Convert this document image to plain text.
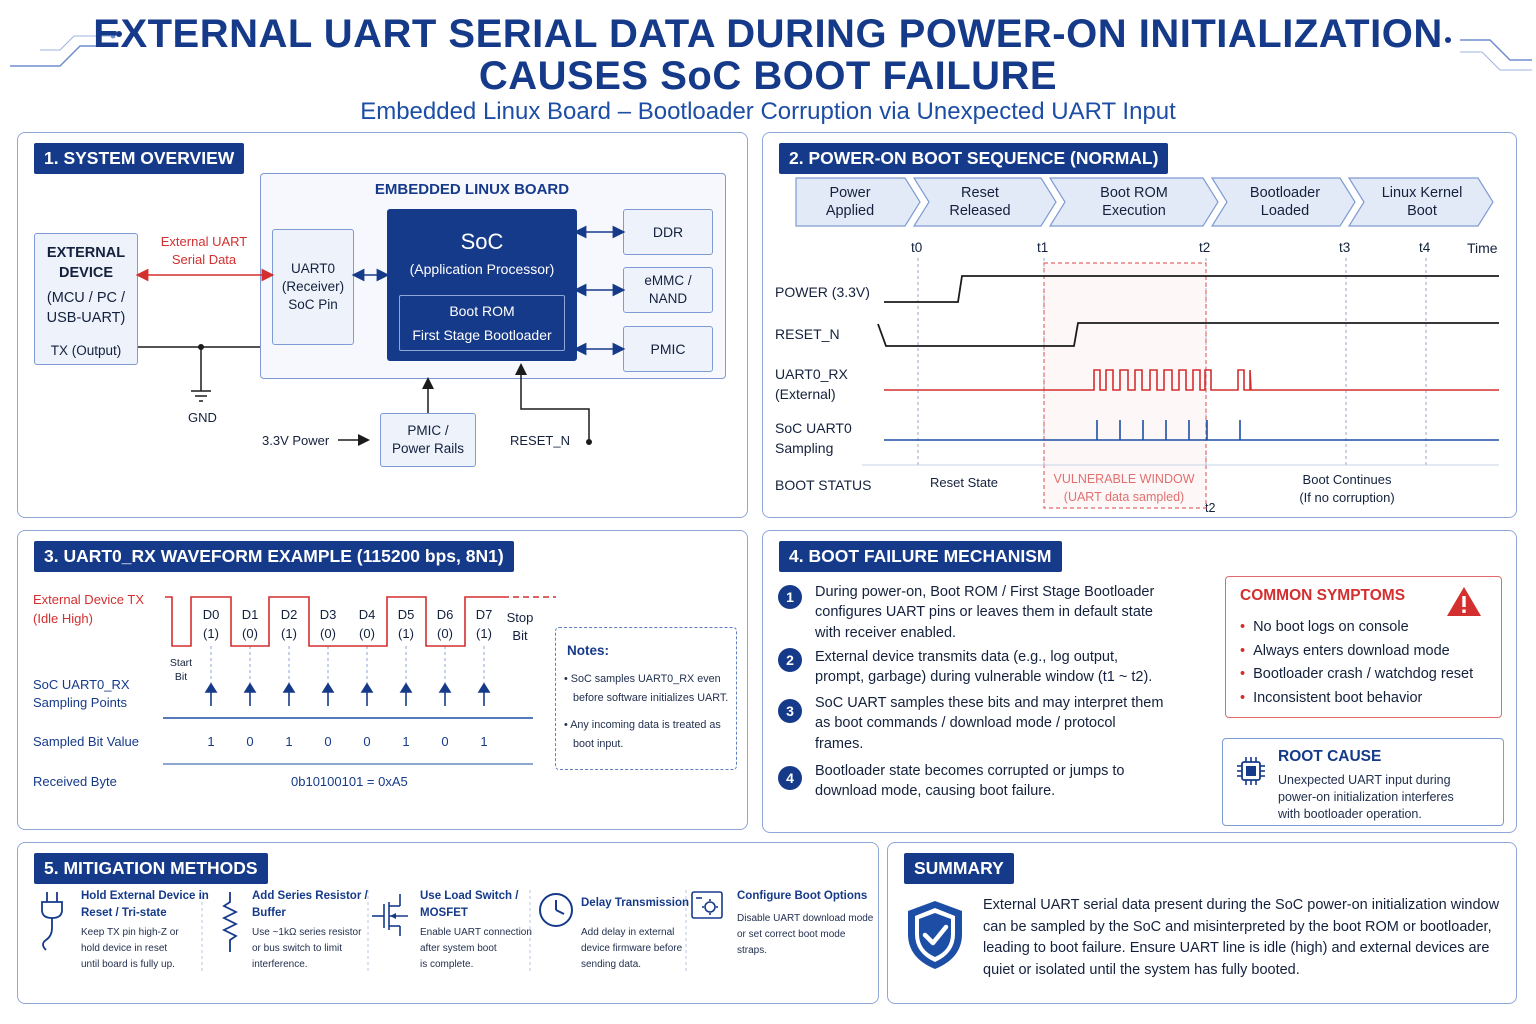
EXTERNAL UART SERIAL DATA DURING POWER-ON INITIALIZATION
CAUSES SoC BOOT FAILURE
Embedded Linux Board – Bootloader Corruption via Unexpected UART Input
1. SYSTEM OVERVIEW
EMBEDDED LINUX BOARD
EXTERNAL
DEVICE
(MCU / PC /
USB-UART)
TX (Output)
External UART
Serial Data
UART0
(Receiver)
SoC Pin
SoC
(Application Processor)
Boot ROM
First Stage Bootloader
DDR
eMMC /
NAND
PMIC
PMIC /
Power Rails
3.3V Power	RESET_N
GND
2. POWER-ON BOOT SEQUENCE (NORMAL)
Power
Applied
Reset
Released
Boot ROM
Execution
Bootloader
Loaded
Linux Kernel
Boot
t0	t1	t2	t3	t4	Time
POWER (3.3V)
RESET_N
UART0_RX
(External)
SoC UART0
Sampling
BOOT STATUS	Reset State	VULNERABLE WINDOW
(UART data sampled)
t2
Boot Continues
(If no corruption)
3. UART0_RX WAVEFORM EXAMPLE (115200 bps, 8N1)
External Device TX
(Idle High)
Start
Bit
D0
(1)
D1
(0)
D2
(1)
D3
(0)
D4
(0)
D5
(1)
D6
(0)
D7
(1)
Stop
Bit
SoC UART0_RX
Sampling Points
Sampled Bit Value	1	0	1	0	0	1	0	1
Received Byte	0b10100101 = 0xA5
Notes:
• SoC samples UART0_RX even
before software initializes UART.
• Any incoming data is treated as
boot input.
4. BOOT FAILURE MECHANISM
1	During power-on, Boot ROM / First Stage Bootloader
configures UART pins or leaves them in default state
with receiver enabled.
2	External device transmits data (e.g., log output,
prompt, garbage) during vulnerable window (t1 ~ t2).
3	SoC UART samples these bits and may interpret them
as boot commands / download mode / protocol
frames.
4	Bootloader state becomes corrupted or jumps to
download mode, causing boot failure.
COMMON SYMPTOMS
• No boot logs on console
• Always enters download mode
• Bootloader crash / watchdog reset
• Inconsistent boot behavior
ROOT CAUSE
Unexpected UART input during
power-on initialization interferes
with bootloader operation.
5. MITIGATION METHODS
Hold External Device in
Reset / Tri-state
Keep TX pin high-Z or
hold device in reset
until board is fully up.
Add Series Resistor /
Buffer
Use ~1kΩ series resistor
or bus switch to limit
interference.
Use Load Switch /
MOSFET
Enable UART connection
after system boot
is complete.
Delay Transmission
Add delay in external
device firmware before
sending data.
Configure Boot Options
Disable UART download mode
or set correct boot mode
straps.
SUMMARY
External UART serial data present during the SoC power-on initialization window
can be sampled by the SoC and misinterpreted by the boot ROM or bootloader,
leading to boot failure. Ensure UART line is idle (high) and external devices are
quiet or isolated until the system has fully booted.
